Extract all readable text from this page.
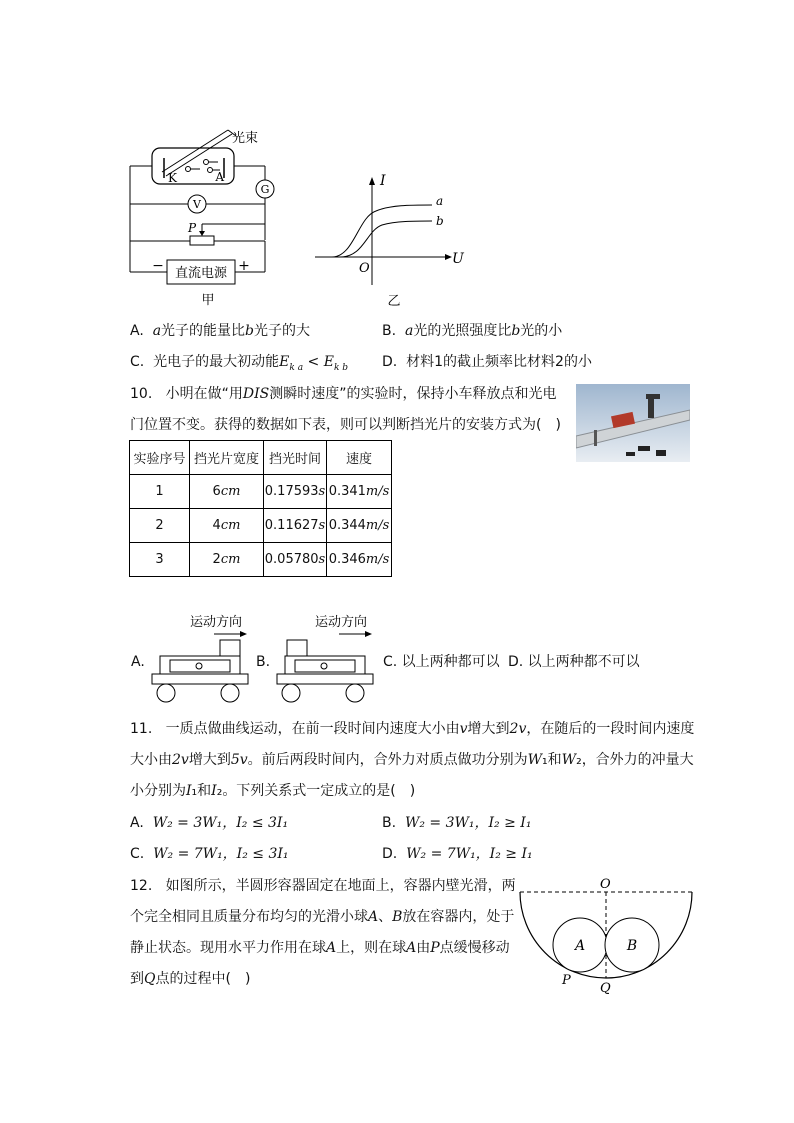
光束
K	A
G
V
P
直流电源
−	+
甲
I
U
O
a
b
乙
A. a光子的能量比b光子的大	B. a光的光照强度比b光的小
C. 光电子的最大初动能$E_{k a} < E_{k b}$ D. 材料1的截止频率比材料2的小
10. 小明在做“用DIS测瞬时速度”的实验时，保持小车释放点和光电
门位置不变。获得的数据如下表，则可以判断挡光片的安装方式为(　)
实验序号	挡光片宽度	挡光时间	速度
1	6cm	0.17593s	0.341m/s
2	4cm	0.11627s	0.344m/s
3	2cm	0.05780s	0.346m/s
A.
运动方向
B.
运动方向
C. 以上两种都可以 D. 以上两种都不可以
11. 一质点做曲线运动，在前一段时间内速度大小由v增大到2v，在随后的一段时间内速度
大小由2v增大到5v。前后两段时间内，合外力对质点做功分别为W₁和W₂，合外力的冲量大
小分别为I₁和I₂。下列关系式一定成立的是(　)
A. W₂ = 3W₁，I₂ ≤ 3I₁	B. W₂ = 3W₁，I₂ ≥ I₁
C. W₂ = 7W₁，I₂ ≤ 3I₁	D. W₂ = 7W₁，I₂ ≥ I₁
12. 如图所示，半圆形容器固定在地面上，容器内壁光滑，两
个完全相同且质量分布均匀的光滑小球A、B放在容器内，处于
静止状态。现用水平力作用在球A上，则在球A由P点缓慢移动
到Q点的过程中(　)
O
A	B
P
Q
